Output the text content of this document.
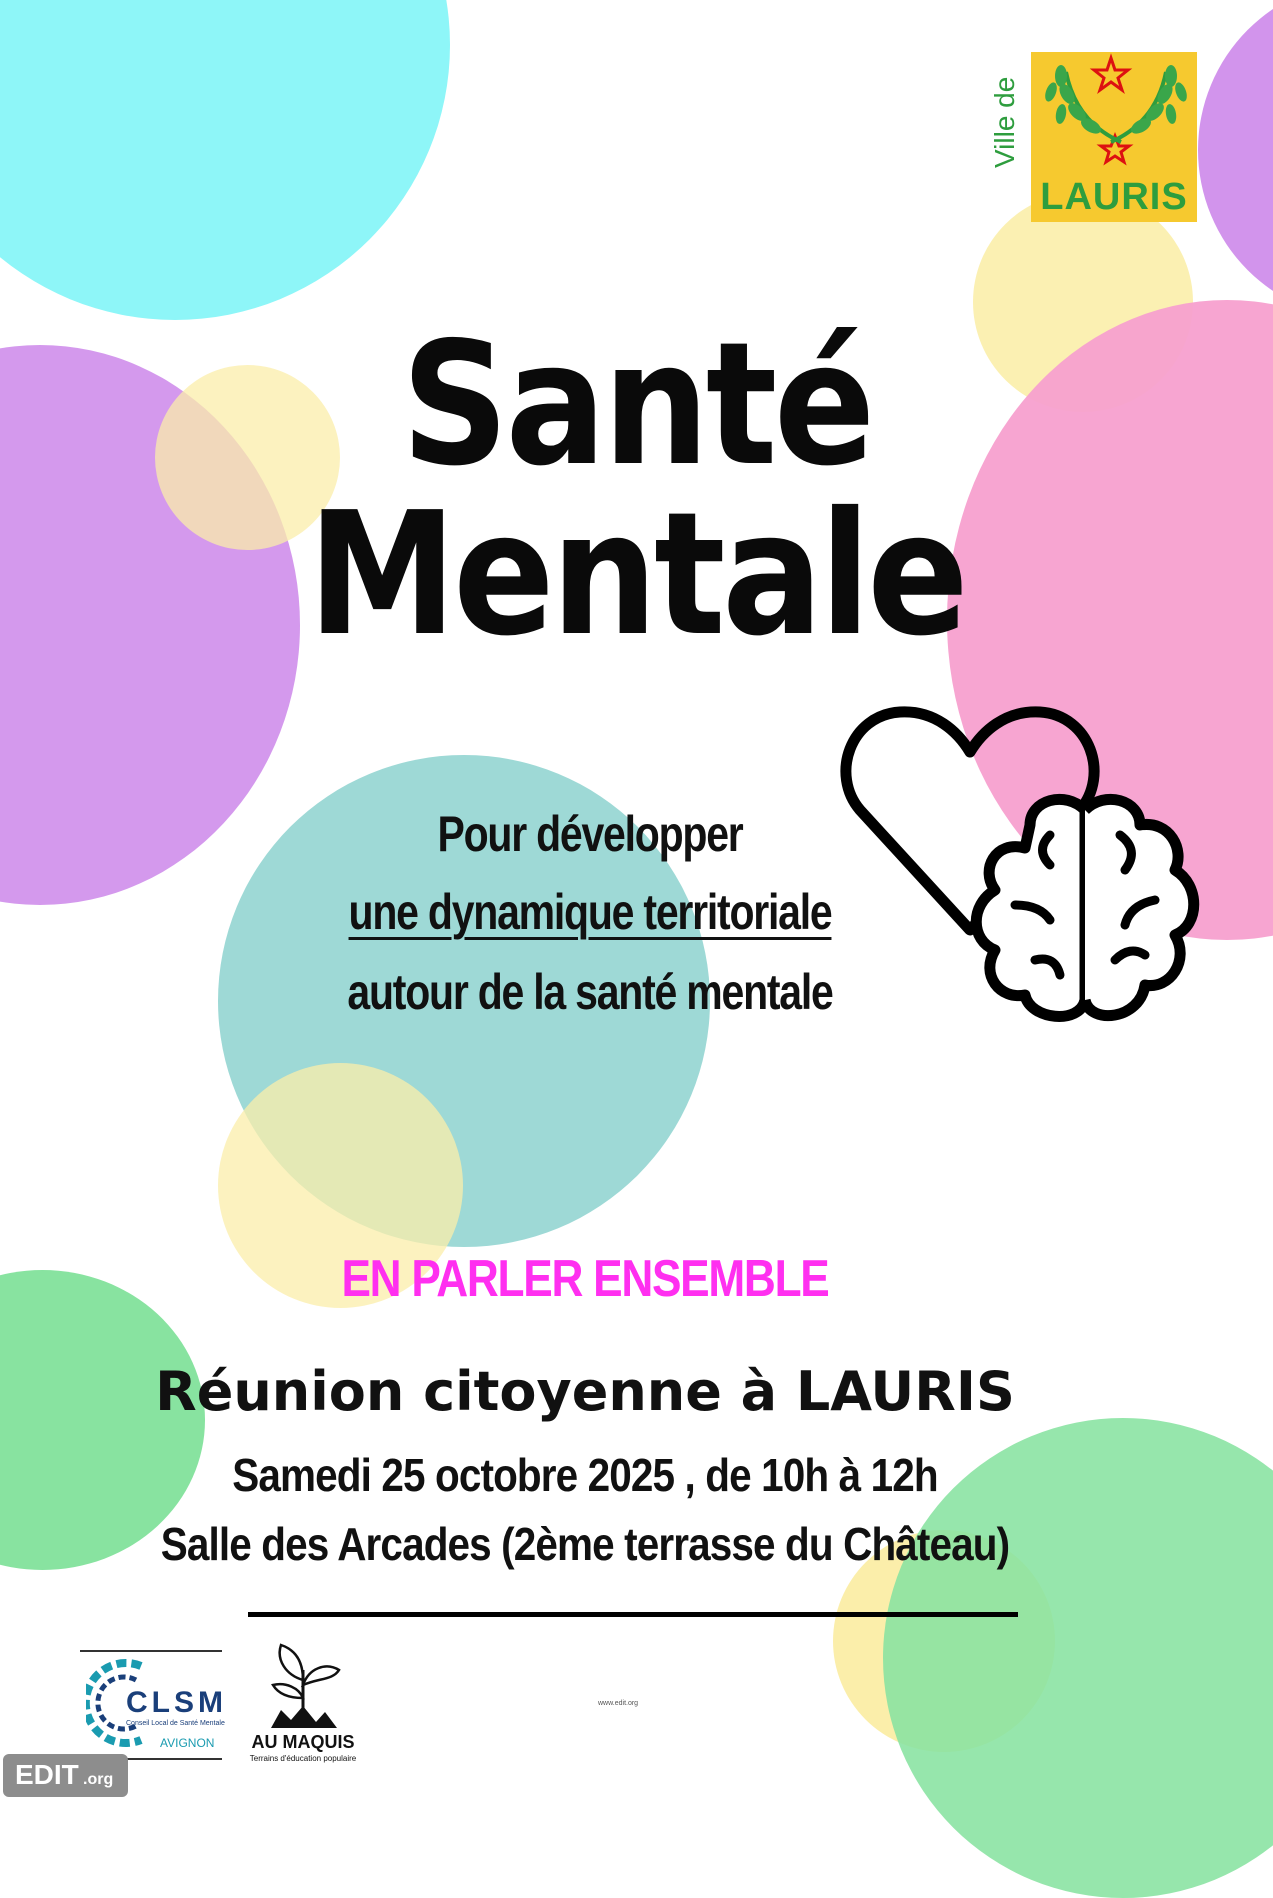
Ville de
LAURIS
Santé
Mentale
Pour développer
une dynamique territoriale
autour de la santé mentale
EN PARLER ENSEMBLE
Réunion citoyenne à LAURIS
Samedi 25 octobre 2025 , de 10h à 12h
Salle des Arcades (2ème terrasse du Château)
CLSM
Conseil Local de Santé Mentale
AVIGNON	AU MAQUIS
Terrains d'éducation populaire
www.edit.org
EDIT .org
